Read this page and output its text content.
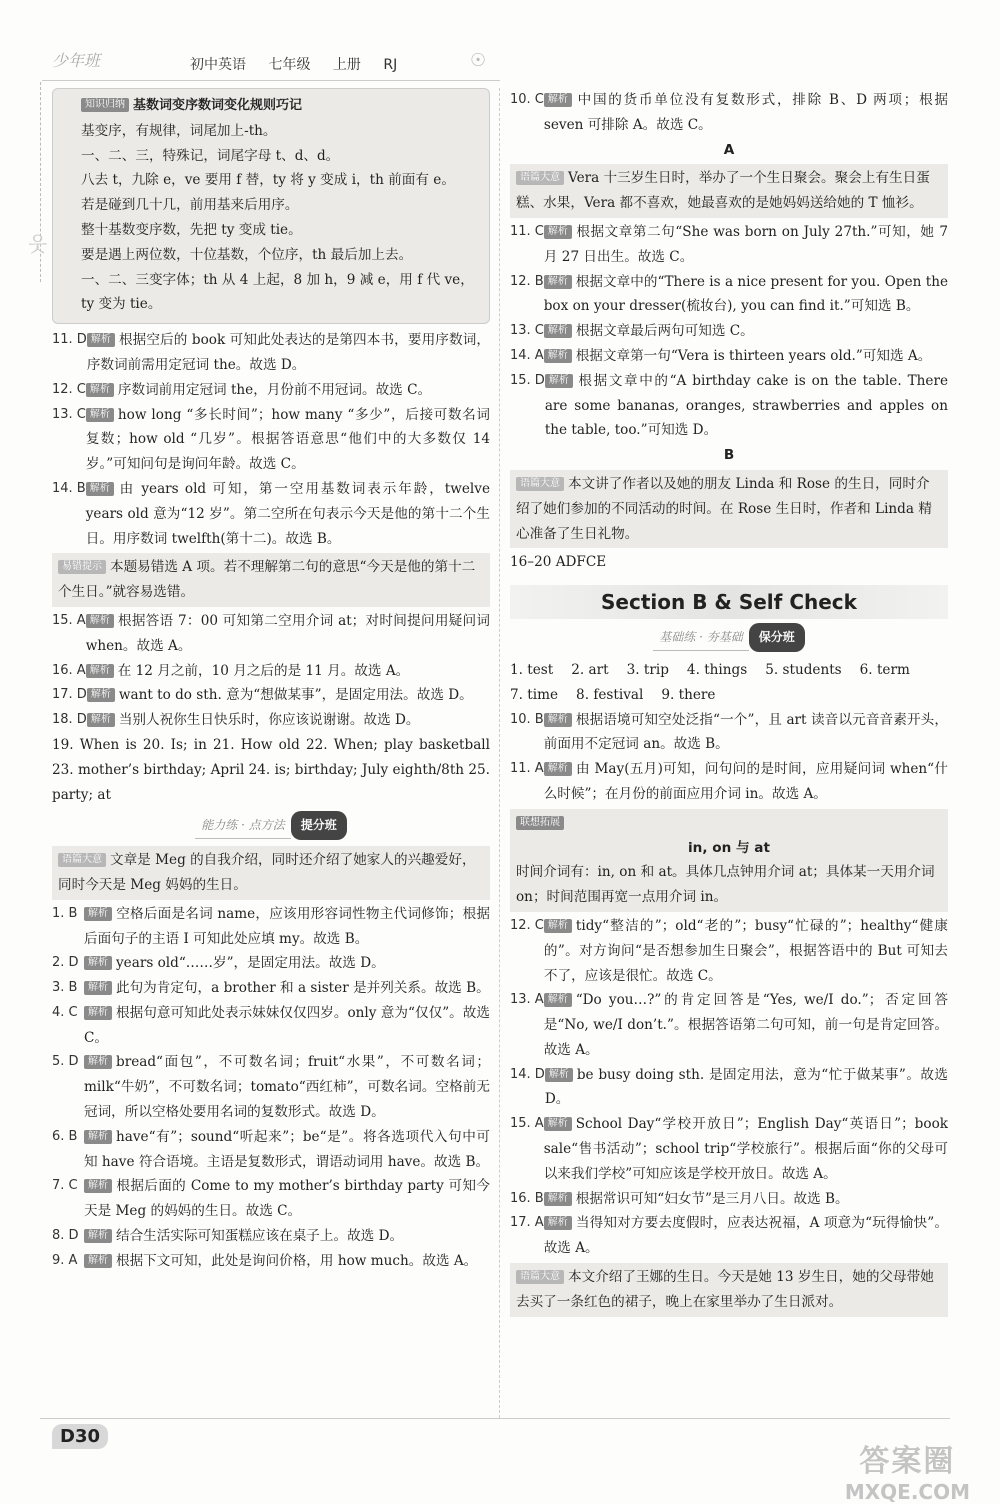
少年班	☉
初中英语 七年级 上册 RJ
웃
知识归纳 基数词变序数词变化规则巧记
基变序，有规律，词尾加上-th。
一、二、三，特殊记，词尾字母 t、d、d。
八去 t，九除 e，ve 要用 f 替，ty 将 y 变成 i，th 前面有 e。
若是碰到几十几，前用基来后用序。
整十基数变序数，先把 ty 变成 tie。
要是遇上两位数，十位基数，个位序，th 最后加上去。
一、二、三变字体；th 从 4 上起，8 加 h，9 减 e，用 f 代 ve，ty 变为 tie。
11. D 解析 根据空后的 book 可知此处表达的是第四本书，要用序数词，序数词前需用定冠词 the。故选 D。
12. C 解析 序数词前用定冠词 the，月份前不用冠词。故选 C。
13. C 解析 how long “多长时间”；how many “多少”，后接可数名词复数；how old “几岁”。根据答语意思“他们中的大多数仅 14 岁。”可知问句是询问年龄。故选 C。
14. B 解析 由 years old 可知，第一空用基数词表示年龄，twelve years old 意为“12 岁”。第二空所在句表示今天是他的第十二个生日。用序数词 twelfth(第十二)。故选 B。
易错提示 本题易错选 A 项。若不理解第二句的意思“今天是他的第十二个生日。”就容易选错。
15. A 解析 根据答语 7：00 可知第二空用介词 at；对时间提问用疑问词 when。故选 A。
16. A 解析 在 12 月之前，10 月之后的是 11 月。故选 A。
17. D 解析 want to do sth. 意为“想做某事”，是固定用法。故选 D。
18. D 解析 当别人祝你生日快乐时，你应该说谢谢。故选 D。
19. When is 20. Is; in 21. How old 22. When; play basketball 23. mother’s birthday; April 24. is; birthday; July eighth/8th 25. party; at
能力练 · 点方法 提分班
语篇大意 文章是 Meg 的自我介绍，同时还介绍了她家人的兴趣爱好，同时今天是 Meg 妈妈的生日。
1. B	解析 空格后面是名词 name，应该用形容词性物主代词修饰；根据后面句子的主语 I 可知此处应填 my。故选 B。
2. D 解析 years old“……岁”，是固定用法。故选 D。
3. B	解析 此句为肯定句，a brother 和 a sister 是并列关系。故选 B。
4. C	解析 根据句意可知此处表示妹妹仅仅四岁。only 意为“仅仅”。故选 C。
5. D 解析 bread“面包”，不可数名词；fruit“水果”，不可数名词；milk“牛奶”，不可数名词；tomato“西红柿”，可数名词。空格前无冠词，所以空格处要用名词的复数形式。故选 D。
6. B	解析 have“有”；sound“听起来”；be“是”。将各选项代入句中可知 have 符合语境。主语是复数形式，谓语动词用 have。故选 B。
7. C	解析 根据后面的 Come to my mother’s birthday party 可知今天是 Meg 的妈妈的生日。故选 C。
8. D 解析 结合生活实际可知蛋糕应该在桌子上。故选 D。
9. A	解析 根据下文可知，此处是询问价格，用 how much。故选 A。
10. C 解析 中国的货币单位没有复数形式，排除 B、D 两项；根据 seven 可排除 A。故选 C。
A
语篇大意 Vera 十三岁生日时，举办了一个生日聚会。聚会上有生日蛋糕、水果，Vera 都不喜欢，她最喜欢的是她妈妈送给她的 T 恤衫。
11. C 解析 根据文章第二句“She was born on July 27th.”可知，她 7 月 27 日出生。故选 C。
12. B 解析 根据文章中的“There is a nice present for you. Open the box on your dresser(梳妆台), you can find it.”可知选 B。
13. C 解析 根据文章最后两句可知选 C。
14. A 解析 根据文章第一句“Vera is thirteen years old.”可知选 A。
15. D 解析 根据文章中的“A birthday cake is on the table. There are some bananas, oranges, strawberries and apples on the table, too.”可知选 D。
B
语篇大意 本文讲了作者以及她的朋友 Linda 和 Rose 的生日，同时介绍了她们参加的不同活动的时间。在 Rose 生日时，作者和 Linda 精心准备了生日礼物。
16–20 ADFCE
Section B & Self Check
基础练 · 夯基础 保分班
1. test 2. art 3. trip 4. things 5. students 6. term
7. time 8. festival 9. there
10. B 解析 根据语境可知空处泛指“一个”，且 art 读音以元音音素开头，前面用不定冠词 an。故选 B。
11. A 解析 由 May(五月)可知，问句问的是时间，应用疑问词 when“什么时候”；在月份的前面应用介词 in。故选 A。
联想拓展
in, on 与 at
时间介词有：in, on 和 at。具体几点钟用介词 at；具体某一天用介词 on；时间范围再宽一点用介词 in。
12. C 解析 tidy“整洁的”；old“老的”；busy“忙碌的”；healthy“健康的”。对方询问“是否想参加生日聚会”，根据答语中的 But 可知去不了，应该是很忙。故选 C。
13. A 解析 “Do you…?”的肯定回答是“Yes, we/I do.”；否定回答是“No, we/I don’t.”。根据答语第二句可知，前一句是肯定回答。故选 A。
14. D 解析 be busy doing sth. 是固定用法，意为“忙于做某事”。故选 D。
15. A 解析 School Day“学校开放日”；English Day“英语日”；book sale“售书活动”；school trip“学校旅行”。根据后面“你的父母可以来我们学校”可知应该是学校开放日。故选 A。
16. B 解析 根据常识可知“妇女节”是三月八日。故选 B。
17. A 解析 当得知对方要去度假时，应表达祝福，A 项意为“玩得愉快”。故选 A。
语篇大意 本文介绍了王娜的生日。今天是她 13 岁生日，她的父母带她去买了一条红色的裙子，晚上在家里举办了生日派对。
D30
答案圈
MXQE.COM
